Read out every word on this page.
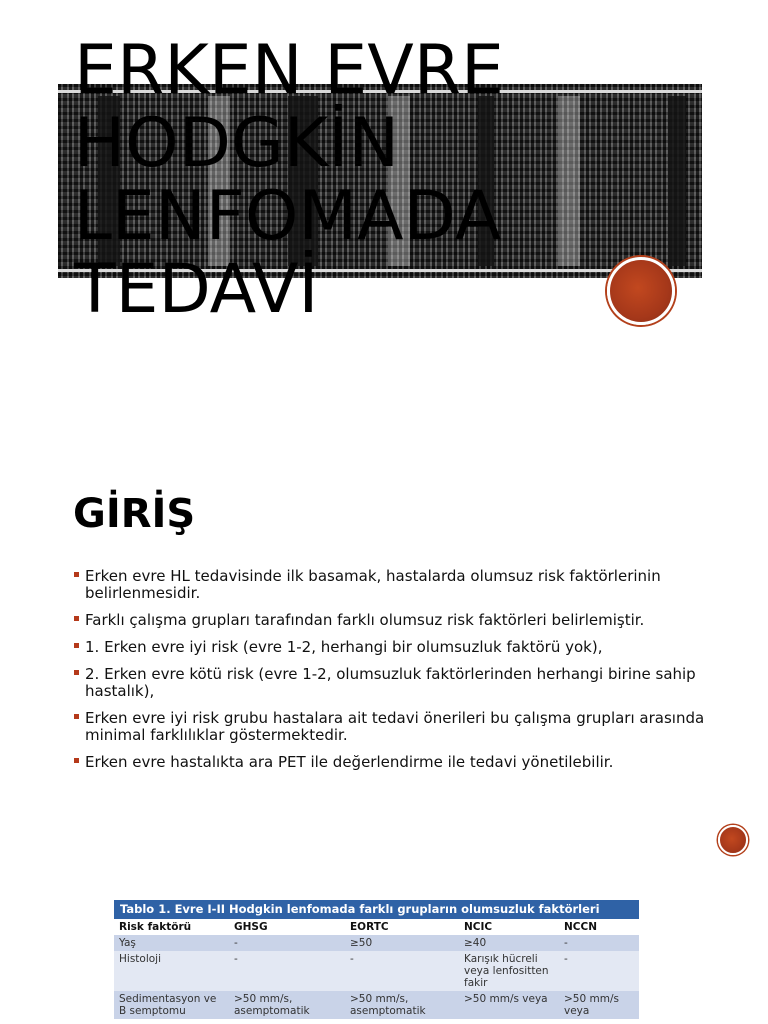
ERKEN EVRE
HODGKİN
LENFOMADA
TEDAVİ
GİRİŞ
Erken evre HL tedavisinde ilk basamak, hastalarda olumsuz risk faktörlerinin belirlenmesidir.
Farklı çalışma grupları tarafından farklı olumsuz risk faktörleri belirlemiştir.
1. Erken evre iyi risk (evre 1-2, herhangi bir olumsuzluk faktörü yok),
2. Erken evre kötü risk (evre 1-2, olumsuzluk faktörlerinden herhangi birine sahip hastalık),
Erken evre iyi risk grubu hastalara ait tedavi önerileri bu çalışma grupları arasında minimal farklılıklar göstermektedir.
Erken evre hastalıkta ara PET ile değerlendirme ile tedavi yönetilebilir.
Tablo 1. Evre I-II Hodgkin lenfomada farklı grupların olumsuzluk faktörleri
Risk faktörü	GHSG	EORTC	NCIC	NCCN
Yaş	-	≥50	≥40	-
Histoloji	-	-	Karışık hücreli veya lenfositten fakir	-
Sedimentasyon ve B semptomu	>50 mm/s, asemptomatik	>50 mm/s, asemptomatik	>50 mm/s veya	>50 mm/s veya
